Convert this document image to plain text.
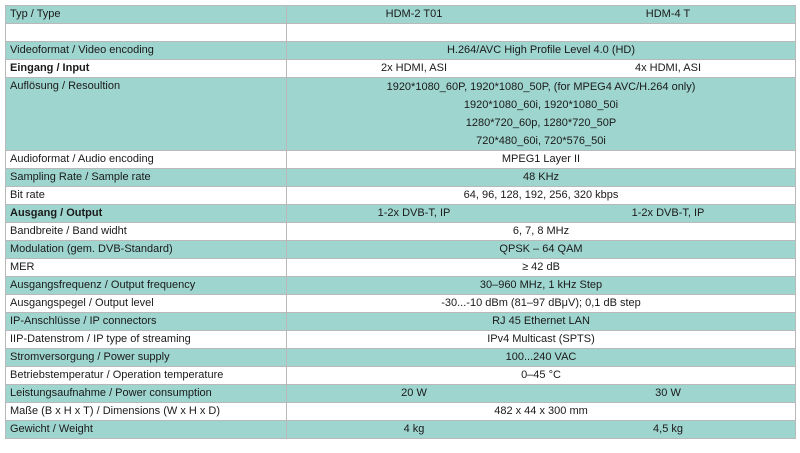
Typ / Type	HDM-2 T01 HDM-4 T

Videoformat / Video encoding	H.264/AVC High Profile Level 4.0 (HD)
Eingang / Input	2x HDMI, ASI 4x HDMI, ASI
Auflösung / Resoultion	1920*1080_60P, 1920*1080_50P, (for MPEG4 AVC/H.264 only)
1920*1080_60i, 1920*1080_50i
1280*720_60p, 1280*720_50P
720*480_60i, 720*576_50i

Audioformat / Audio encoding	MPEG1 Layer II
Sampling Rate / Sample rate	48 KHz
Bit rate	64, 96, 128, 192, 256, 320 kbps
Ausgang / Output	1-2x DVB-T, IP 1-2x DVB-T, IP
Bandbreite / Band widht	6, 7, 8 MHz
Modulation (gem. DVB-Standard)	QPSK – 64 QAM
MER	≥ 42 dB
Ausgangsfrequenz / Output frequency	30–960 MHz, 1 kHz Step
Ausgangspegel / Output level	-30...-10 dBm (81–97 dBμV); 0,1 dB step
IP-Anschlüsse / IP connectors	RJ 45 Ethernet LAN
IIP-Datenstrom / IP type of streaming	IPv4 Multicast (SPTS)
Stromversorgung / Power supply	100...240 VAC
Betriebstemperatur / Operation temperature	0–45 °C
Leistungsaufnahme / Power consumption	20 W 30 W
Maße (B x H x T) / Dimensions (W x H x D)	482 x 44 x 300 mm
Gewicht / Weight	4 kg 4,5 kg
